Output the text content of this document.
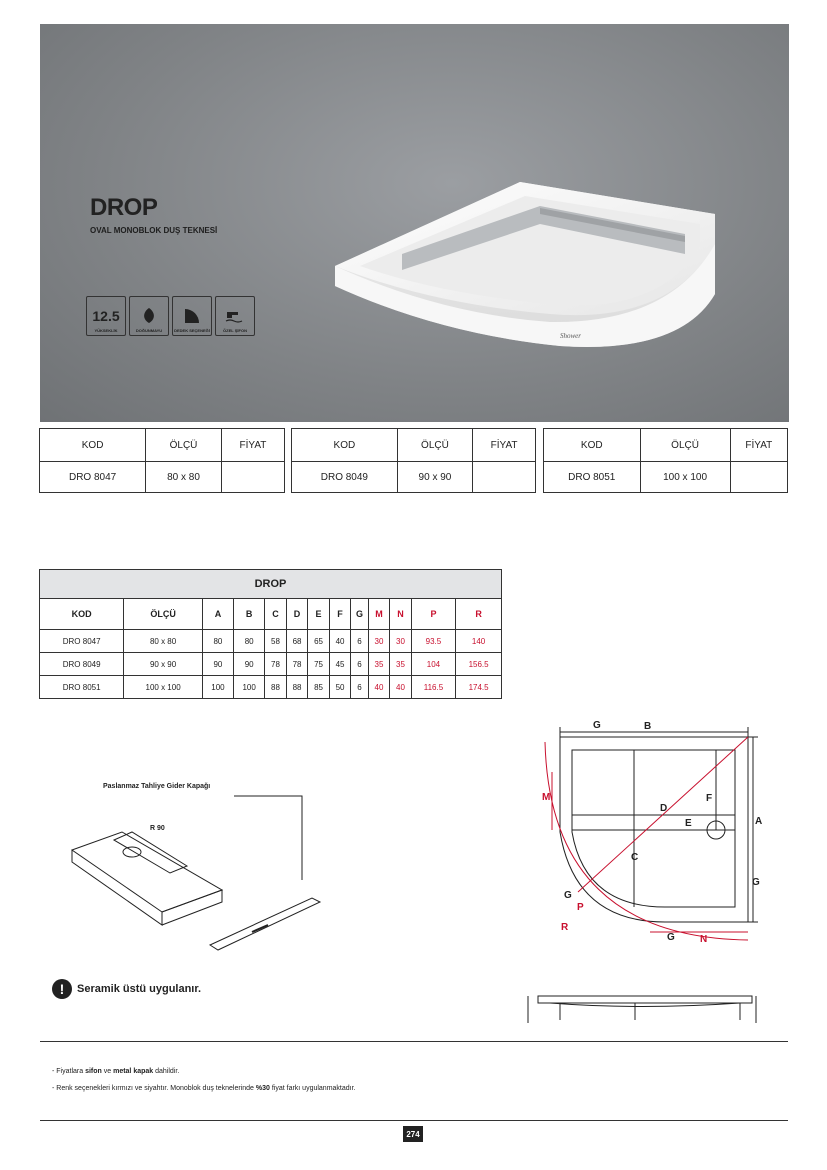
DROP
OVAL MONOBLOK DUŞ TEKNESİ
12.5
YÜKSEKLİK	DOĞUNMAYU	DEDEK SEÇENEĞİ	ÖZEL ŞİFON
Shower
KOD	ÖLÇÜ	FİYAT
DRO 8047	80 x 80	
KOD	ÖLÇÜ	FİYAT
DRO 8049	90 x 90	
KOD	ÖLÇÜ	FİYAT
DRO 8051	100 x 100	
DROP												
KOD	ÖLÇÜ	A	B	C	D	E	F	G	M	N	P	R
DRO 8047	80 x 80	80	80	58	68	65	40	6	30	30	93.5	140
DRO 8049	90 x 90	90	90	78	78	75	45	6	35	35	104	156.5
DRO 8051	100 x 100	100	100	88	88	85	50	6	40	40	116.5	174.5
G	B
A
D
F
E
C
G
G
G
P
R
N
M
Paslanmaz Tahliye Gider Kapağı
R 90
!	Seramik üstü uygulanır.
- Fiyatlara sifon ve metal kapak dahildir.
- Renk seçenekleri kırmızı ve siyahtır. Monoblok duş teknelerinde %30 fiyat farkı uygulanmaktadır.
274
